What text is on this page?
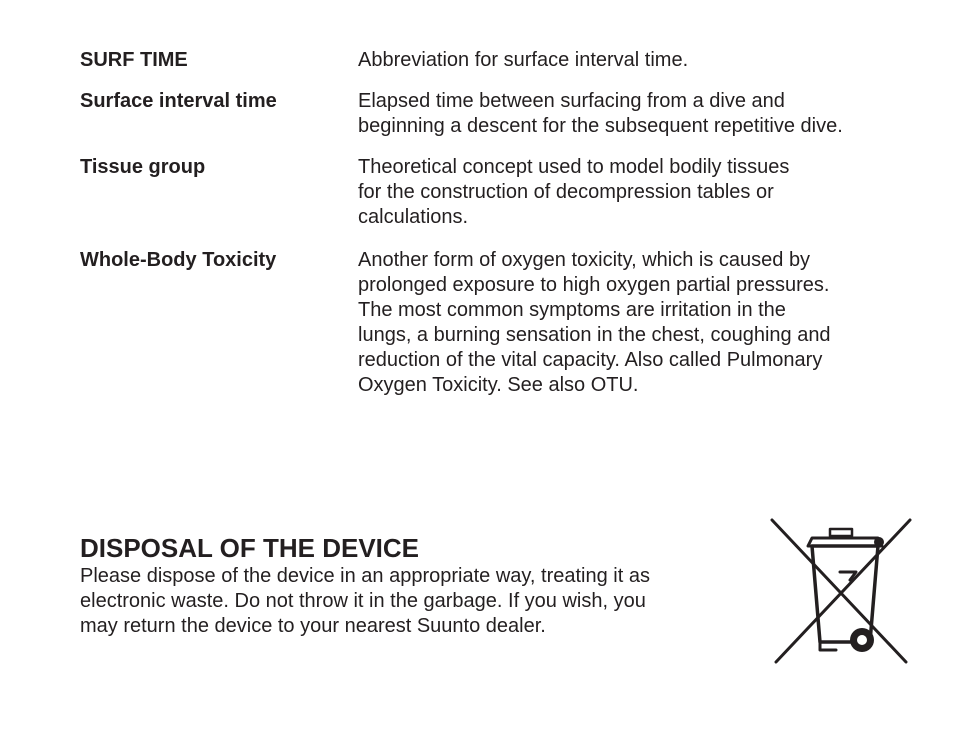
SURF TIME	Abbreviation for surface interval time.
Surface interval time	Elapsed time between surfacing from a dive and
beginning a descent for the subsequent repetitive dive.
Tissue group	Theoretical concept used to model bodily tissues
for the construction of decompression tables or
calculations.
Whole-Body Toxicity	Another form of oxygen toxicity, which is caused by
prolonged exposure to high oxygen partial pressures.
The most common symptoms are irritation in the
lungs, a burning sensation in the chest, coughing and
reduction of the vital capacity. Also called Pulmonary
Oxygen Toxicity. See also OTU.
DISPOSAL OF THE DEVICE

Please dispose of the device in an appropriate way, treating it as
electronic waste. Do not throw it in the garbage. If you wish, you
may return the device to your nearest Suunto dealer.
